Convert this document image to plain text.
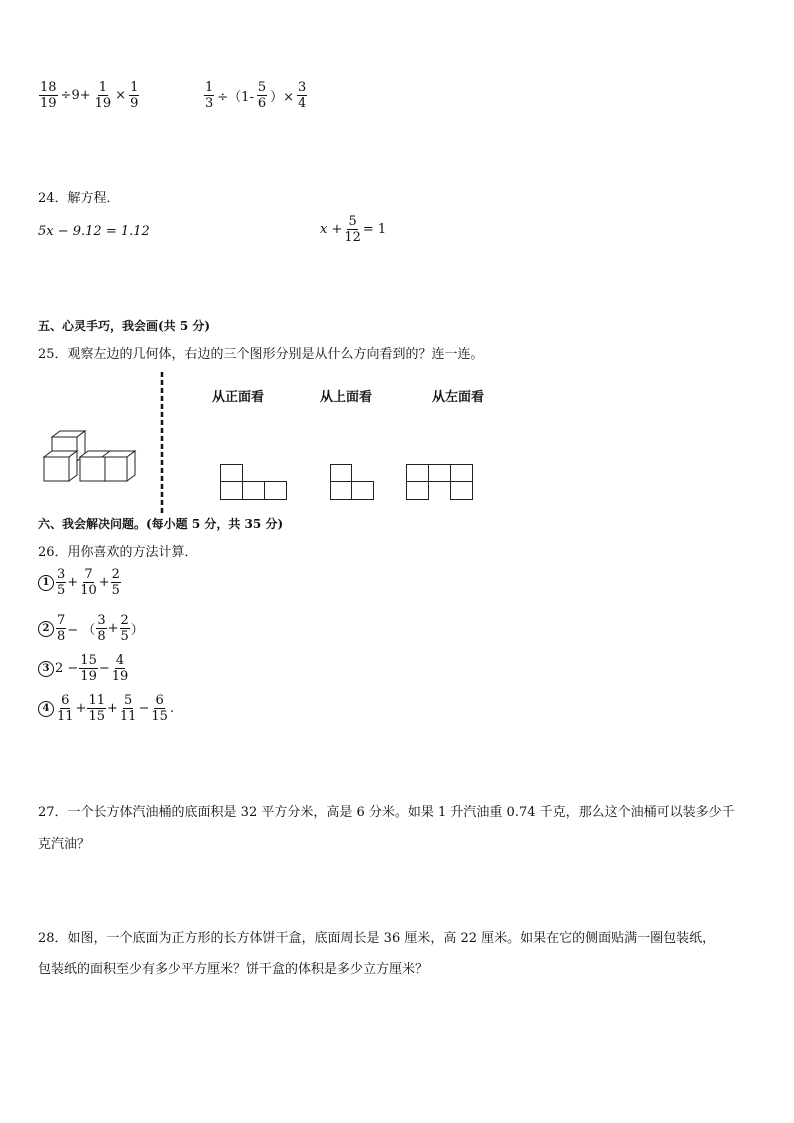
$\frac{18}{19} \div 9+ \frac{1}{19} \times \frac{1}{9}$	$\frac{1}{3} \div(1- \frac{5}{6}$ ）× $\frac{3}{4}$
24．解方程．
5x − 9.12 = 1.12	$x + \frac{5}{12} = 1$
五、心灵手巧，我会画(共 5 分)
25．观察左边的几何体，右边的三个图形分别是从什么方向看到的？连一连。
从正面看	从上面看	从左面看
六、我会解决问题。(每小题 5 分，共 35 分)
26．用你喜欢的方法计算．
$1 \frac{3}{5} + \frac{7}{10} + \frac{2}{5}$
$2 \frac{7}{8}$ − （ $\frac{3}{8} + \frac{2}{5}$ ）
3 $2 - \frac{15}{19} - \frac{4}{19}$
$4 \frac{6}{11} + \frac{11}{15} + \frac{5}{11} - \frac{6}{15}$ .
27．一个长方体汽油桶的底面积是 32 平方分米，高是 6 分米。如果 1 升汽油重 0.74 千克，那么这个油桶可以装多少千
克汽油？
28．如图，一个底面为正方形的长方体饼干盒，底面周长是 36 厘米，高 22 厘米。如果在它的侧面贴满一圈包装纸，
包装纸的面积至少有多少平方厘米？饼干盒的体积是多少立方厘米？
